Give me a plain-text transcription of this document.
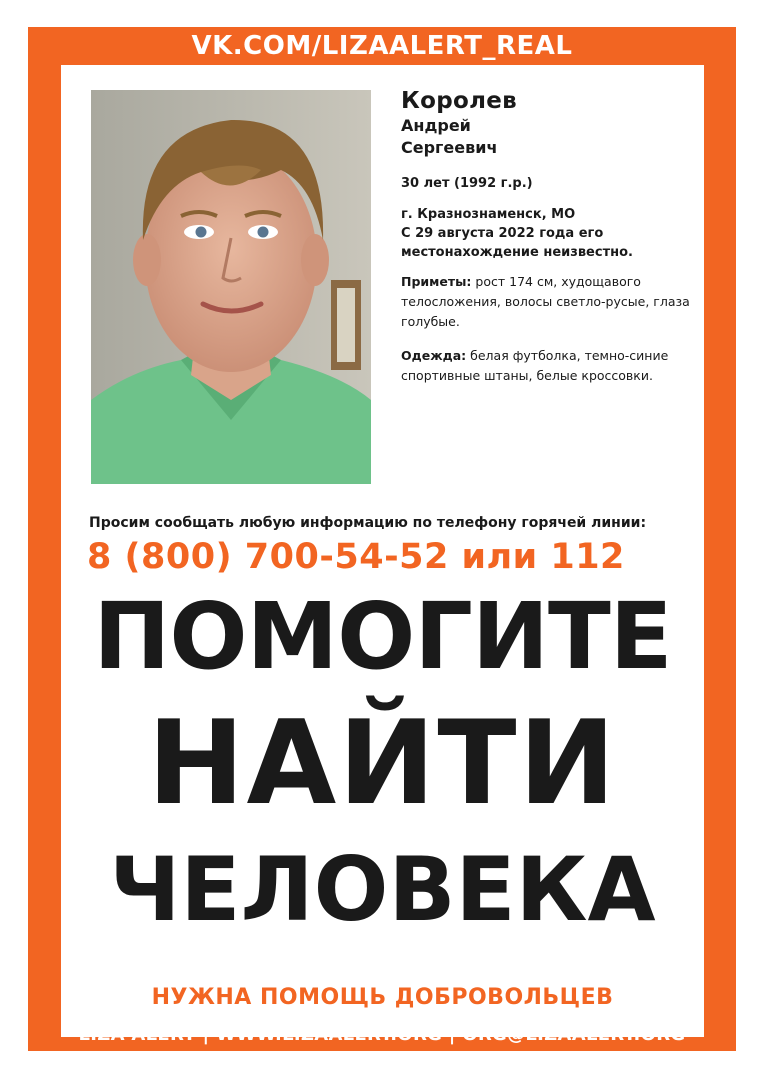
VK.COM/LIZAALERT_REAL
Королев
Андрей
Сергеевич
30 лет (1992 г.р.)
г. Кразнознаменск, МО
С 29 августа 2022 года его местонахождение неизвестно.
Приметы: рост 174 см, худощавого телосложения, волосы светло-русые, глаза голубые.
Одежда: белая футболка, темно-синие спортивные штаны, белые кроссовки.
Просим сообщать любую информацию по телефону горячей линии:
8 (800) 700-54-52 или 112
ПОМОГИТЕ
НАЙТИ
ЧЕЛОВЕКА
НУЖНА ПОМОЩЬ ДОБРОВОЛЬЦЕВ
LIZA ALERT | WWW.LIZAALERT.ORG | ORG@LIZAALERT.ORG
